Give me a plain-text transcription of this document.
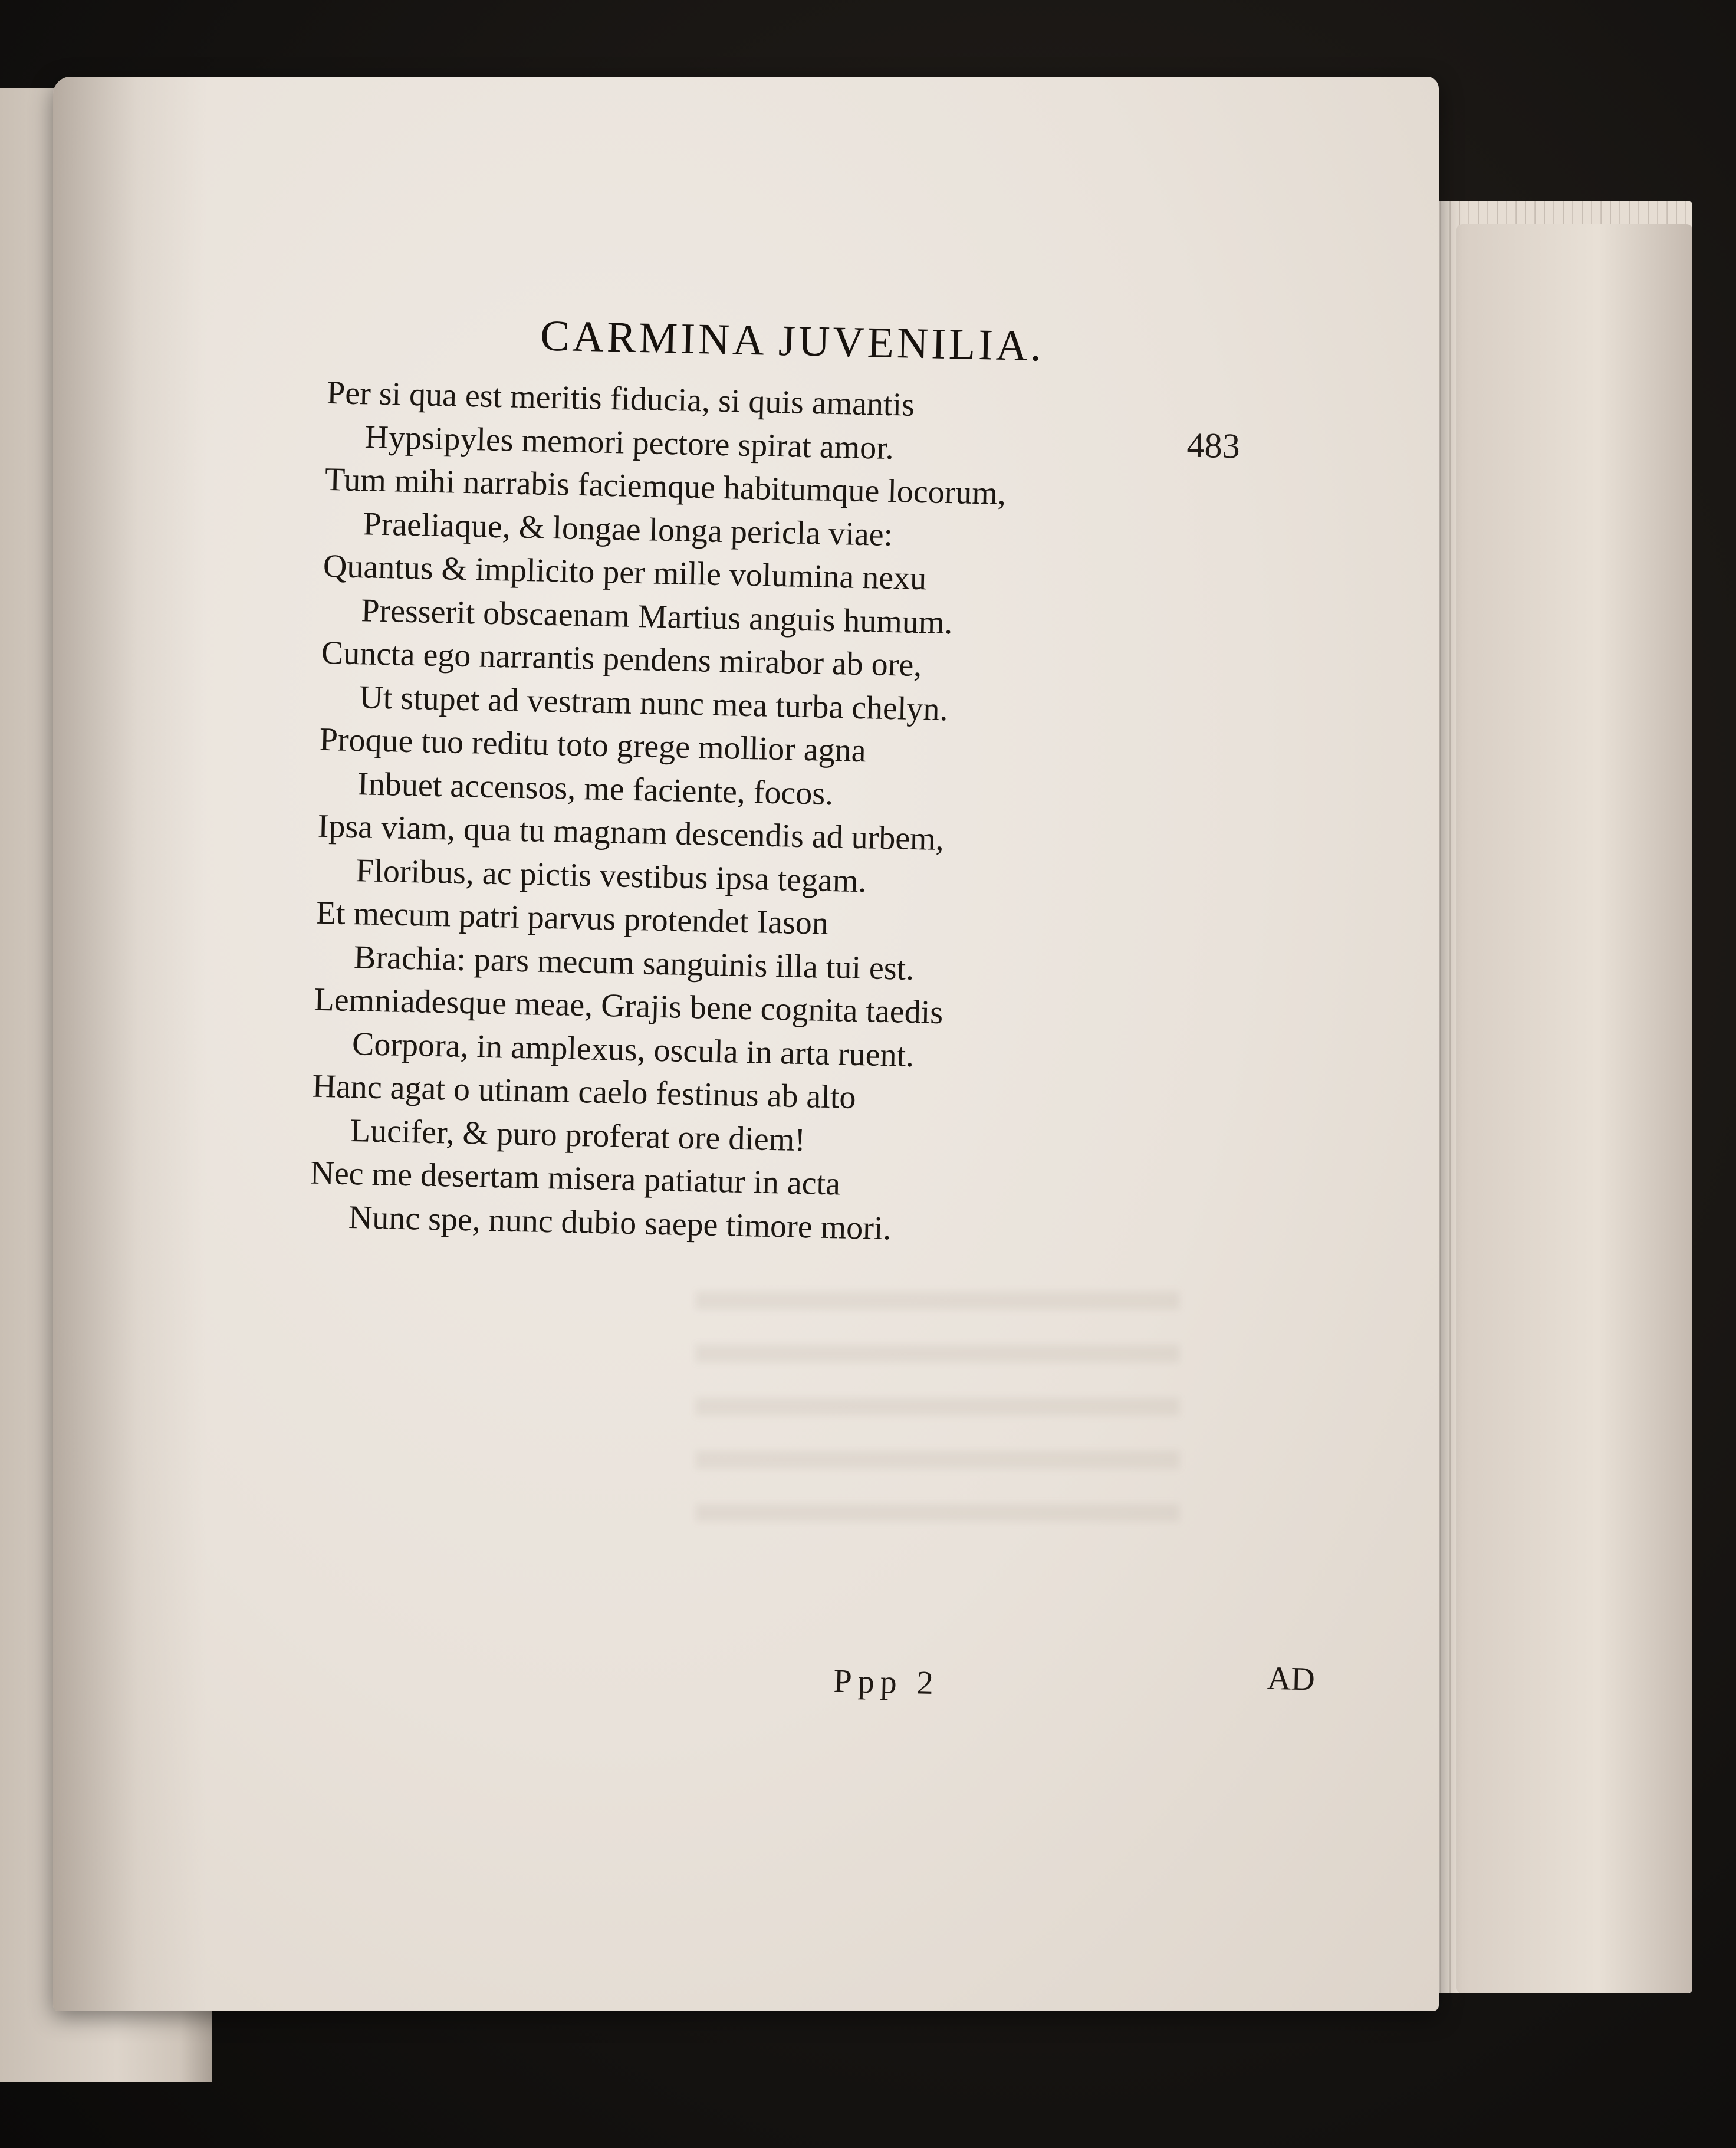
CARMINA JUVENILIA.
483
Per si qua est meritis fiducia, si quis amantis
Hypsipyles memori pectore spirat amor.
Tum mihi narrabis faciemque habitumque locorum,
Praeliaque, & longae longa pericla viae:
Quantus & implicito per mille volumina nexu
Presserit obscaenam Martius anguis humum.
Cuncta ego narrantis pendens mirabor ab ore,
Ut stupet ad vestram nunc mea turba chelyn.
Proque tuo reditu toto grege mollior agna
Inbuet accensos, me faciente, focos.
Ipsa viam, qua tu magnam descendis ad urbem,
Floribus, ac pictis vestibus ipsa tegam.
Et mecum patri parvus protendet Iason
Brachia: pars mecum sanguinis illa tui est.
Lemniadesque meae, Grajis bene cognita taedis
Corpora, in amplexus, oscula in arta ruent.
Hanc agat o utinam caelo festinus ab alto
Lucifer, & puro proferat ore diem!
Nec me desertam misera patiatur in acta
Nunc spe, nunc dubio saepe timore mori.
Ppp 2	AD
